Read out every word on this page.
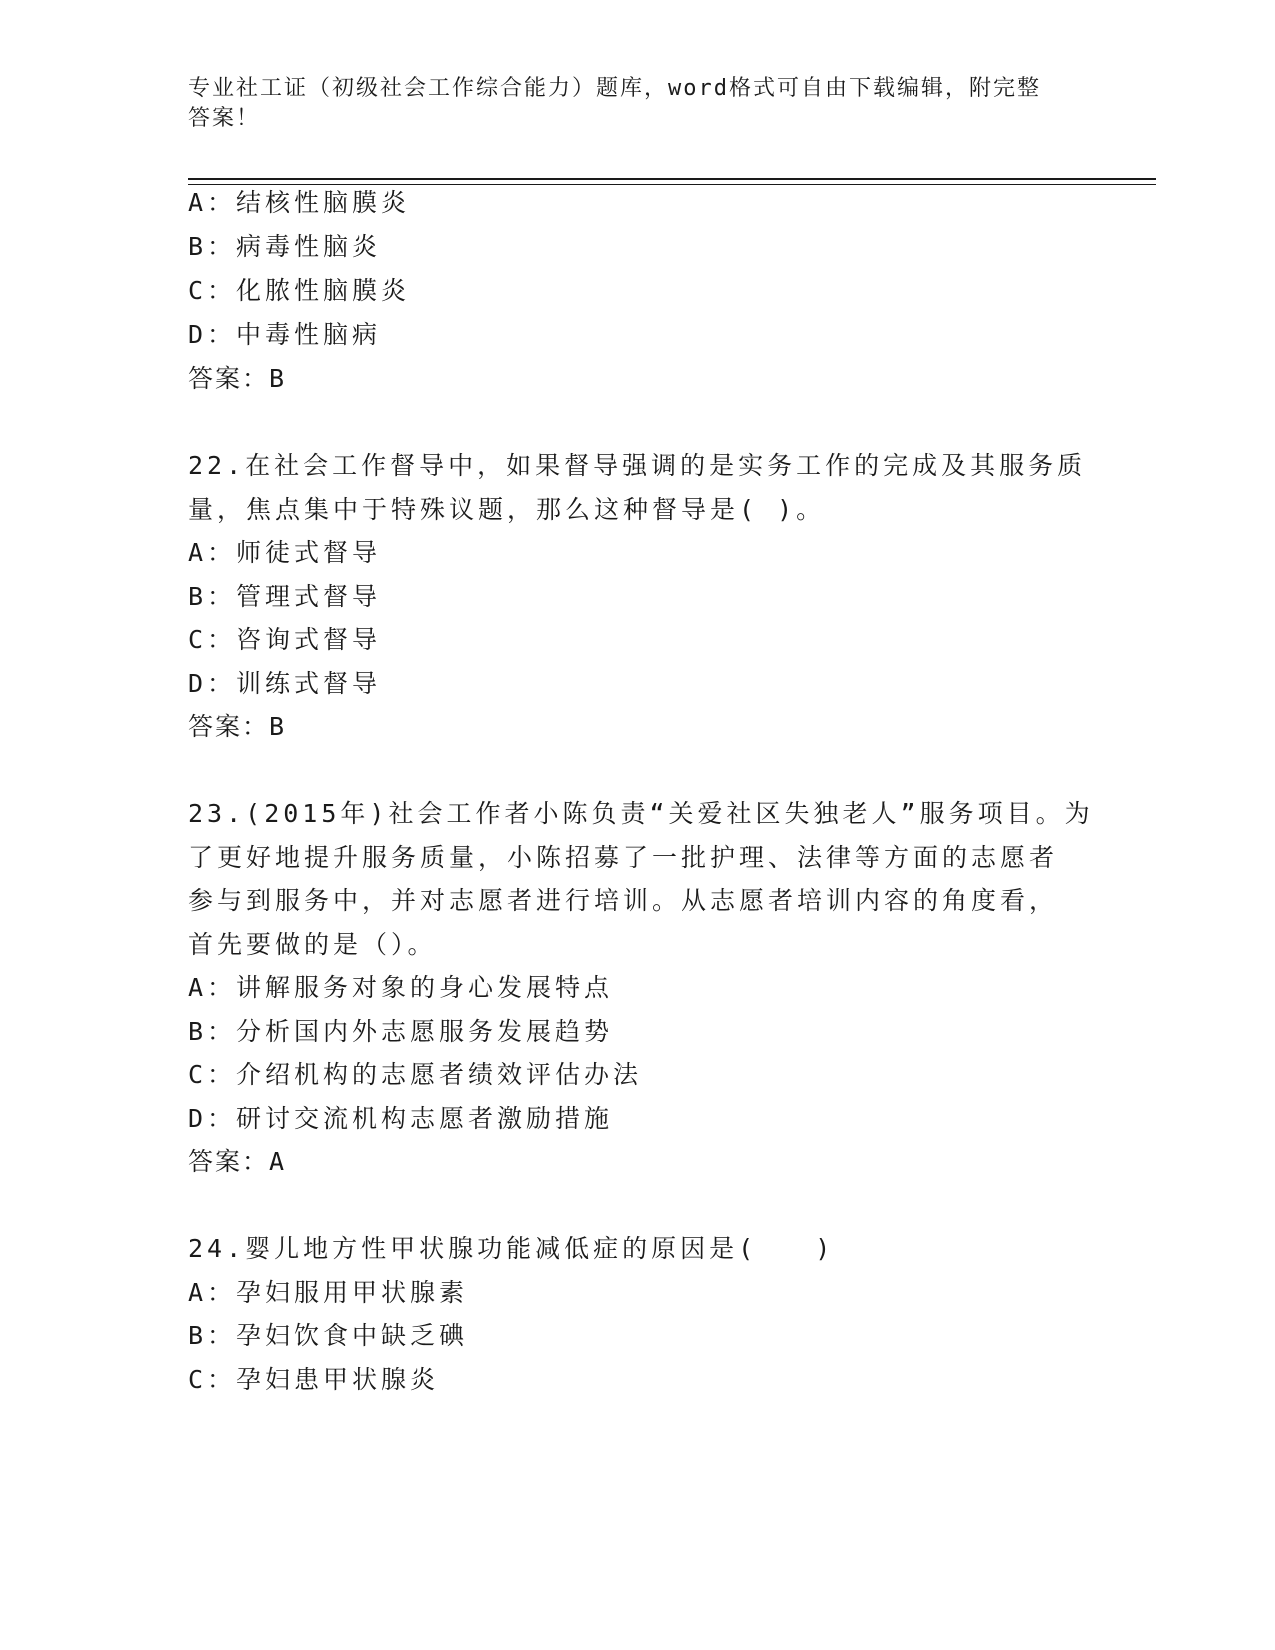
专业社工证（初级社会工作综合能力）题库，word格式可自由下载编辑，附完整
答案！
A：结核性脑膜炎
B：病毒性脑炎
C：化脓性脑膜炎
D：中毒性脑病
答案：B
22.在社会工作督导中，如果督导强调的是实务工作的完成及其服务质
量，焦点集中于特殊议题，那么这种督导是( )。
A：师徒式督导
B：管理式督导
C：咨询式督导
D：训练式督导
答案：B
23.(2015年)社会工作者小陈负责“关爱社区失独老人”服务项目。为
了更好地提升服务质量，小陈招募了一批护理、法律等方面的志愿者
参与到服务中，并对志愿者进行培训。从志愿者培训内容的角度看，
首先要做的是（）。
A：讲解服务对象的身心发展特点
B：分析国内外志愿服务发展趋势
C：介绍机构的志愿者绩效评估办法
D：研讨交流机构志愿者激励措施
答案：A
24.婴儿地方性甲状腺功能减低症的原因是(　　)
A：孕妇服用甲状腺素
B：孕妇饮食中缺乏碘
C：孕妇患甲状腺炎
